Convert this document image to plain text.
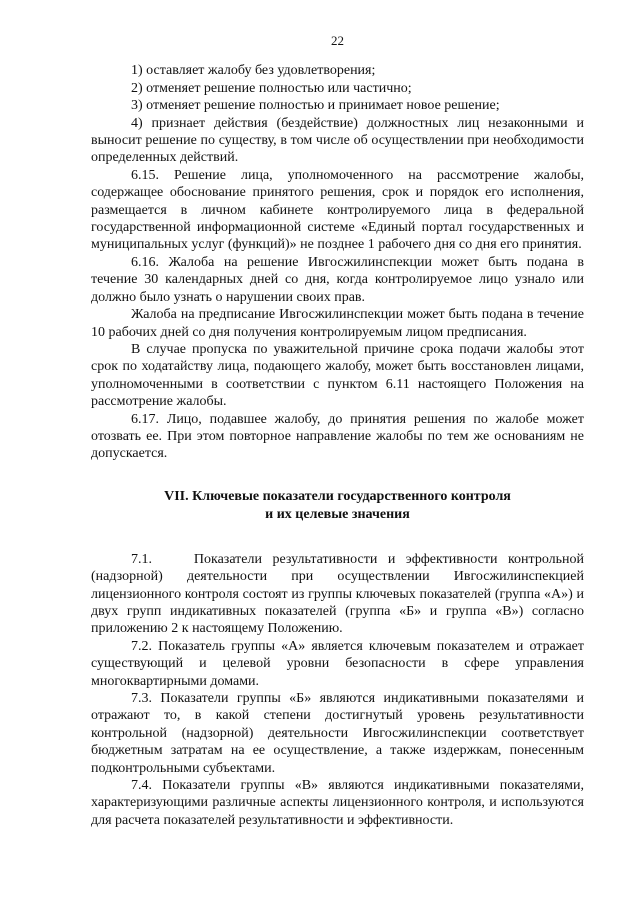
22

1) оставляет жалобу без удовлетворения;

2) отменяет решение полностью или частично;

3) отменяет решение полностью и принимает новое решение;

4) признает действия (бездействие) должностных лиц незаконными и выносит решение по существу, в том числе об осуществлении при необходимости определенных действий.

6.15. Решение лица, уполномоченного на рассмотрение жалобы, содержащее обоснование принятого решения, срок и порядок его исполнения, размещается в личном кабинете контролируемого лица в федеральной государственной информационной системе «Единый портал государственных и муниципальных услуг (функций)» не позднее 1 рабочего дня со дня его принятия.

6.16. Жалоба на решение Ивгосжилинспекции может быть подана в течение 30 календарных дней со дня, когда контролируемое лицо узнало или должно было узнать о нарушении своих прав.

Жалоба на предписание Ивгосжилинспекции может быть подана в течение 10 рабочих дней со дня получения контролируемым лицом предписания.

В случае пропуска по уважительной причине срока подачи жалобы этот срок по ходатайству лица, подающего жалобу, может быть восстановлен лицами, уполномоченными в соответствии с пунктом 6.11 настоящего Положения на рассмотрение жалобы.

6.17. Лицо, подавшее жалобу, до принятия решения по жалобе может отозвать ее. При этом повторное направление жалобы по тем же основаниям не допускается.

VII. Ключевые показатели государственного контроля
и их целевые значения

7.1.    Показатели результативности и эффективности контрольной (надзорной) деятельности при осуществлении Ивгосжилинспекцией лицензионного контроля состоят из группы ключевых показателей (группа «А») и двух групп индикативных показателей (группа «Б» и группа «В») согласно приложению 2 к настоящему Положению.

7.2. Показатель группы «А» является ключевым показателем и отражает существующий и целевой уровни безопасности в сфере управления многоквартирными домами.

7.3. Показатели группы «Б» являются индикативными показателями и отражают то, в какой степени достигнутый уровень результативности контрольной (надзорной) деятельности Ивгосжилинспекции соответствует бюджетным затратам на ее осуществление, а также издержкам, понесенным подконтрольными субъектами.

7.4. Показатели группы «В» являются индикативными показателями, характеризующими различные аспекты лицензионного контроля, и используются для расчета показателей результативности и эффективности.
